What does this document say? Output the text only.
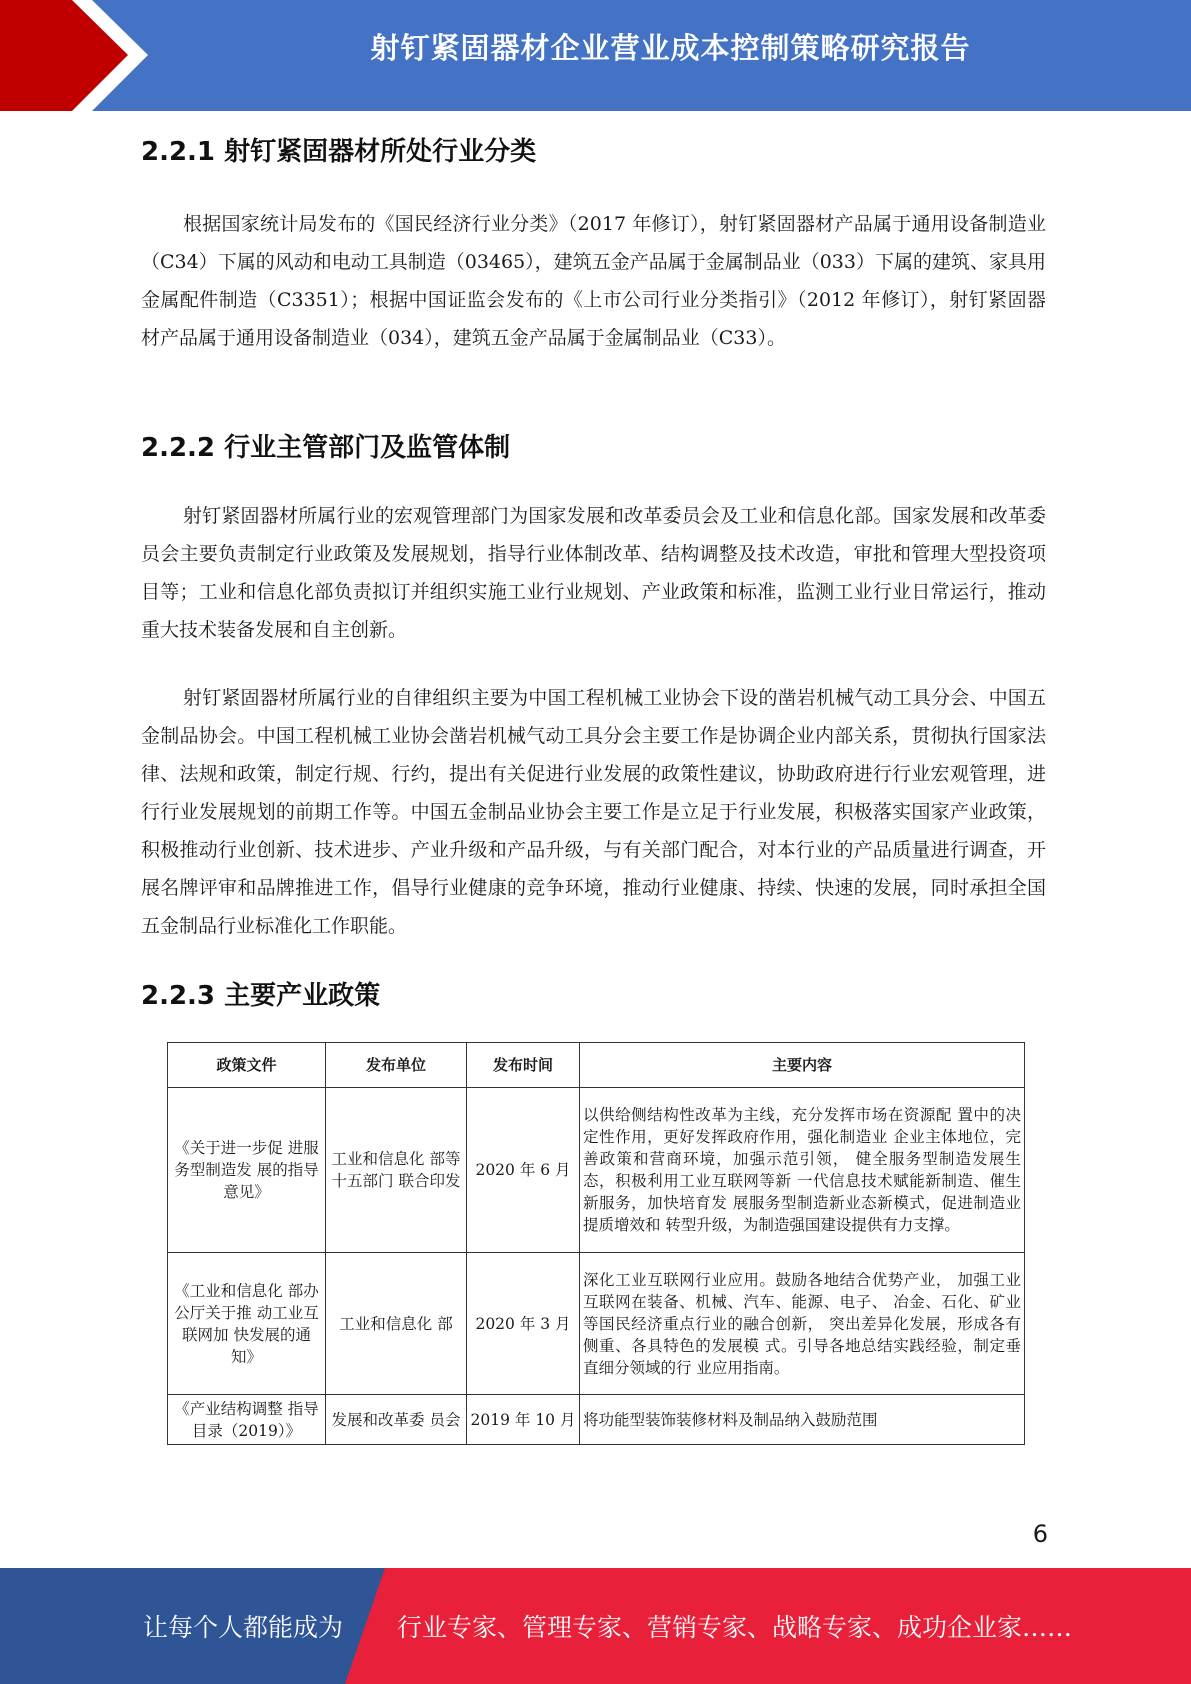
射钉紧固器材企业营业成本控制策略研究报告
2.2.1 射钉紧固器材所处行业分类

根据国家统计局发布的《国民经济行业分类》（2017 年修订），射钉紧固器材产品属于通用设备制造业（C34）下属的风动和电动工具制造（03465），建筑五金产品属于金属制品业（033）下属的建筑、家具用金属配件制造（C3351）；根据中国证监会发布的《上市公司行业分类指引》（2012 年修订），射钉紧固器材产品属于通用设备制造业（034），建筑五金产品属于金属制品业（C33）。

2.2.2 行业主管部门及监管体制

射钉紧固器材所属行业的宏观管理部门为国家发展和改革委员会及工业和信息化部。国家发展和改革委员会主要负责制定行业政策及发展规划，指导行业体制改革、结构调整及技术改造，审批和管理大型投资项目等；工业和信息化部负责拟订并组织实施工业行业规划、产业政策和标准，监测工业行业日常运行，推动重大技术装备发展和自主创新。

射钉紧固器材所属行业的自律组织主要为中国工程机械工业协会下设的凿岩机械气动工具分会、中国五金制品协会。中国工程机械工业协会凿岩机械气动工具分会主要工作是协调企业内部关系，贯彻执行国家法律、法规和政策，制定行规、行约，提出有关促进行业发展的政策性建议，协助政府进行行业宏观管理，进行行业发展规划的前期工作等。中国五金制品业协会主要工作是立足于行业发展，积极落实国家产业政策，积极推动行业创新、技术进步、产业升级和产品升级，与有关部门配合，对本行业的产品质量进行调查，开展名牌评审和品牌推进工作，倡导行业健康的竞争环境，推动行业健康、持续、快速的发展，同时承担全国五金制品行业标准化工作职能。

2.2.3 主要产业政策
政策文件	发布单位	发布时间	主要内容
《关于进一步促 进服务型制造发 展的指导意见》	工业和信息化 部等十五部门 联合印发	2020 年 6 月	以供给侧结构性改革为主线，充分发挥市场在资源配 置中的决定性作用，更好发挥政府作用，强化制造业 企业主体地位，完善政策和营商环境，加强示范引领， 健全服务型制造发展生态，积极利用工业互联网等新 一代信息技术赋能新制造、催生新服务，加快培育发 展服务型制造新业态新模式，促进制造业提质增效和 转型升级，为制造强国建设提供有力支撑。
《工业和信息化 部办公厅关于推 动工业互联网加 快发展的通知》	工业和信息化 部	2020 年 3 月	深化工业互联网行业应用。鼓励各地结合优势产业， 加强工业互联网在装备、机械、汽车、能源、电子、 冶金、石化、矿业等国民经济重点行业的融合创新， 突出差异化发展，形成各有侧重、各具特色的发展模 式。引导各地总结实践经验，制定垂直细分领域的行 业应用指南。
《产业结构调整 指导目录（2019）》	发展和改革委 员会	2019 年 10 月	将功能型装饰装修材料及制品纳入鼓励范围
6
让每个人都能成为 行业专家、管理专家、营销专家、战略专家、成功企业家……
